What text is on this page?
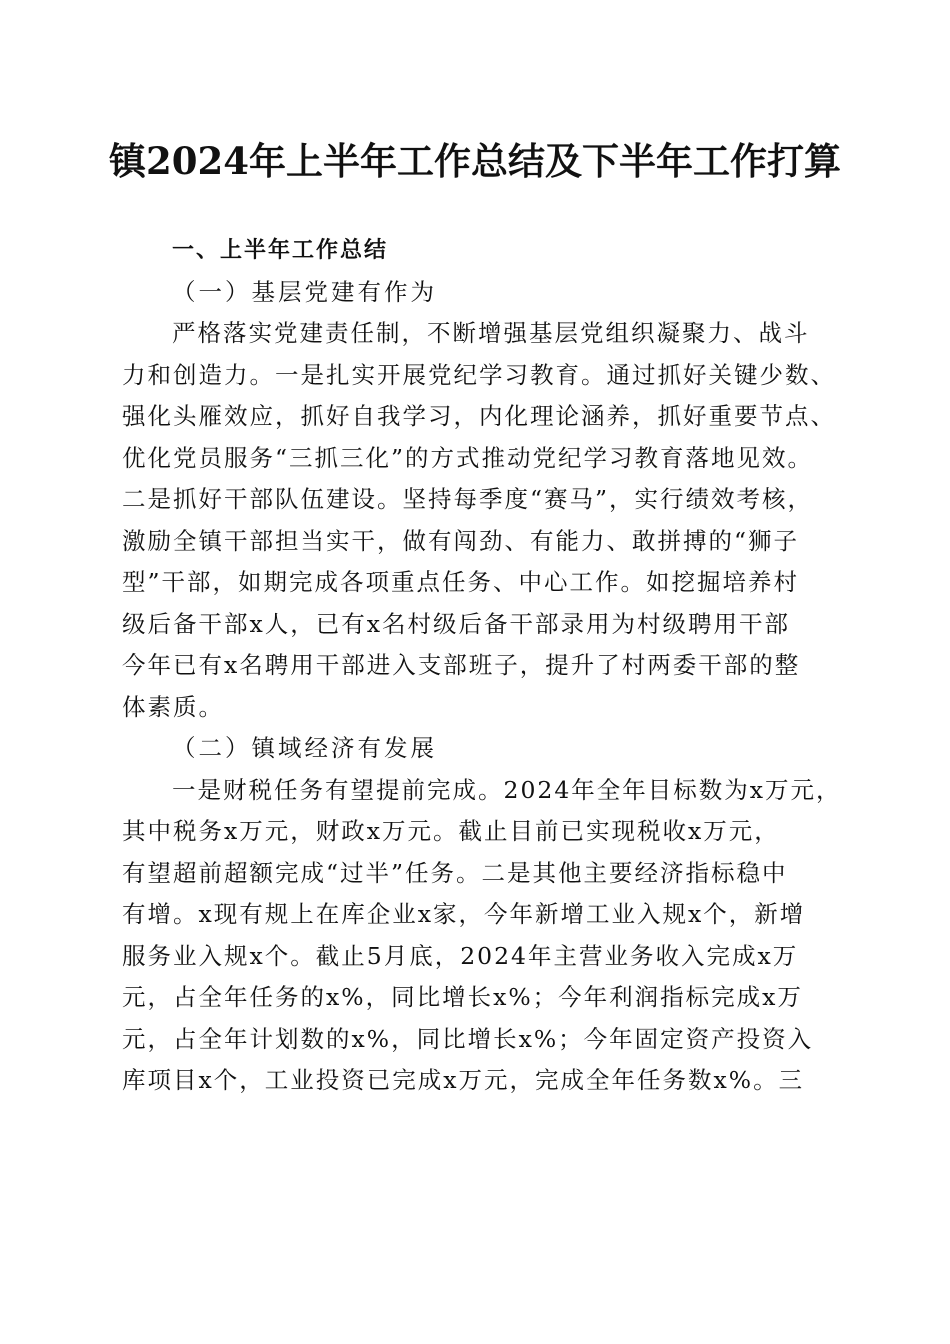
镇2024年上半年工作总结及下半年工作打算
一、上半年工作总结
（一）基层党建有作为
严格落实党建责任制，不断增强基层党组织凝聚力、战斗
力和创造力。一是扎实开展党纪学习教育。通过抓好关键少数、
强化头雁效应，抓好自我学习，内化理论涵养，抓好重要节点、
优化党员服务“三抓三化”的方式推动党纪学习教育落地见效。
二是抓好干部队伍建设。坚持每季度“赛马”，实行绩效考核，
激励全镇干部担当实干，做有闯劲、有能力、敢拼搏的“狮子
型”干部，如期完成各项重点任务、中心工作。如挖掘培养村
级后备干部x人，已有x名村级后备干部录用为村级聘用干部
今年已有x名聘用干部进入支部班子，提升了村两委干部的整
体素质。
（二）镇域经济有发展
一是财税任务有望提前完成。2024年全年目标数为x万元，
其中税务x万元，财政x万元。截止目前已实现税收x万元，
有望超前超额完成“过半”任务。二是其他主要经济指标稳中
有增。x现有规上在库企业x家，今年新增工业入规x个，新增
服务业入规x个。截止5月底，2024年主营业务收入完成x万
元，占全年任务的x%，同比增长x%；今年利润指标完成x万
元，占全年计划数的x%，同比增长x%；今年固定资产投资入
库项目x个，工业投资已完成x万元，完成全年任务数x%。三
